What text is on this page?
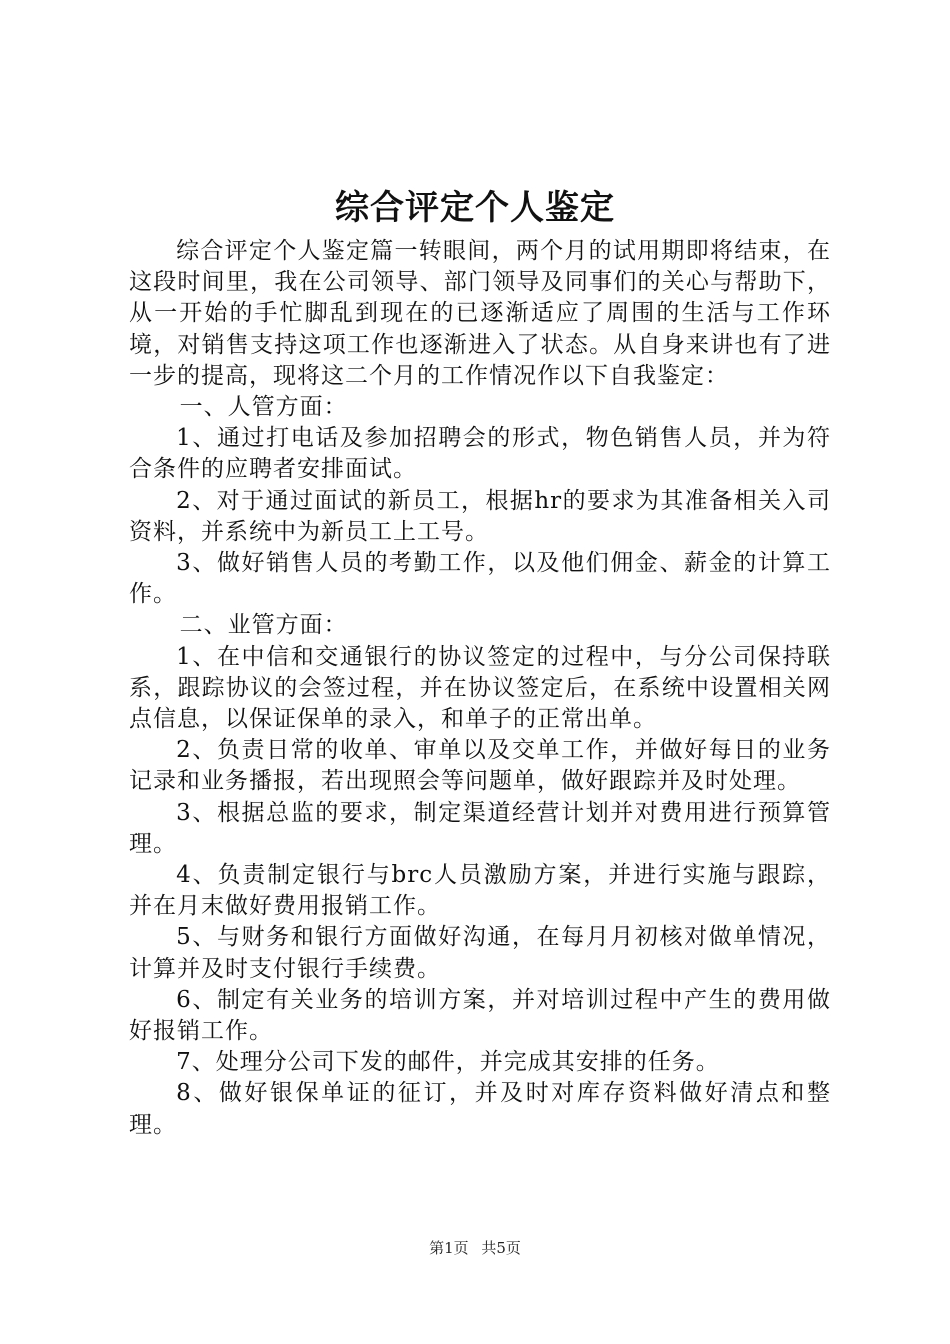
综合评定个人鉴定

综合评定个人鉴定篇一转眼间，两个月的试用期即将结束，在这段时间里，我在公司领导、部门领导及同事们的关心与帮助下，从一开始的手忙脚乱到现在的已逐渐适应了周围的生活与工作环境，对销售支持这项工作也逐渐进入了状态。从自身来讲也有了进一步的提高，现将这二个月的工作情况作以下自我鉴定：

一、人管方面：

1、通过打电话及参加招聘会的形式，物色销售人员，并为符合条件的应聘者安排面试。

2、对于通过面试的新员工，根据hr的要求为其准备相关入司资料，并系统中为新员工上工号。

3、做好销售人员的考勤工作，以及他们佣金、薪金的计算工作。

二、业管方面：

1、在中信和交通银行的协议签定的过程中，与分公司保持联系，跟踪协议的会签过程，并在协议签定后，在系统中设置相关网点信息，以保证保单的录入，和单子的正常出单。

2、负责日常的收单、审单以及交单工作，并做好每日的业务记录和业务播报，若出现照会等问题单，做好跟踪并及时处理。

3、根据总监的要求，制定渠道经营计划并对费用进行预算管理。

4、负责制定银行与brc人员激励方案，并进行实施与跟踪，并在月末做好费用报销工作。

5、与财务和银行方面做好沟通，在每月月初核对做单情况，计算并及时支付银行手续费。

6、制定有关业务的培训方案，并对培训过程中产生的费用做好报销工作。

7、处理分公司下发的邮件，并完成其安排的任务。

8、做好银保单证的征订，并及时对库存资料做好清点和整理。

第1页 共5页
